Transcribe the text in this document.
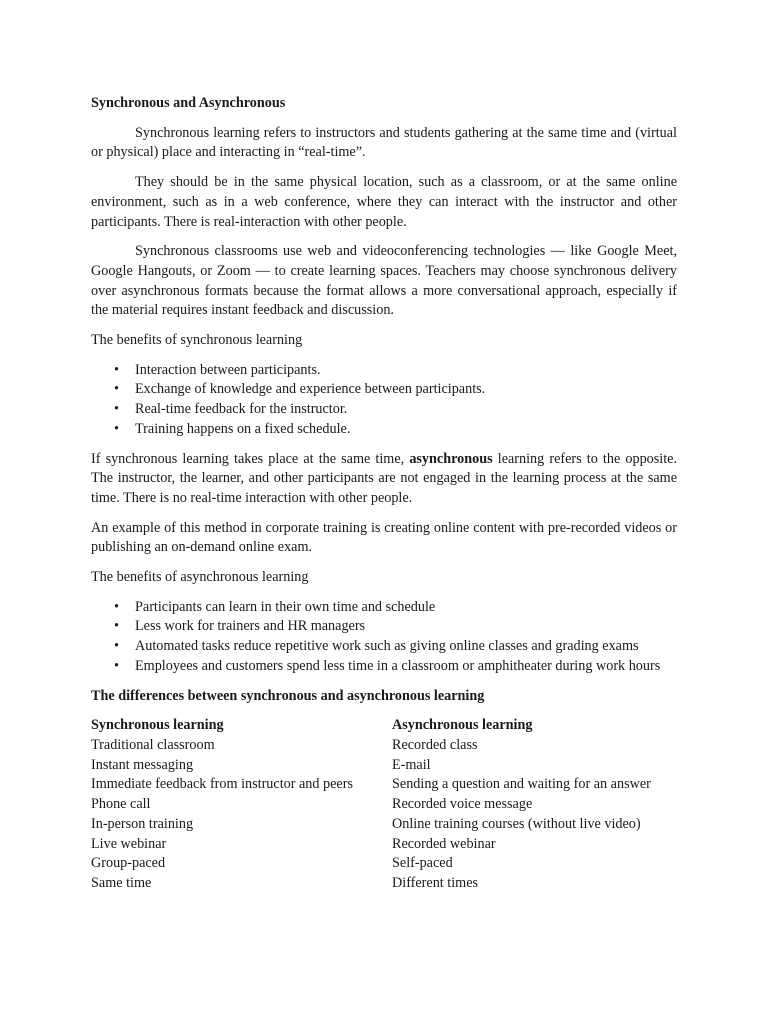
Synchronous and Asynchronous

Synchronous learning refers to instructors and students gathering at the same time and (virtual or physical) place and interacting in “real-time”.

They should be in the same physical location, such as a classroom, or at the same online environment, such as in a web conference, where they can interact with the instructor and other participants. There is real-interaction with other people.

Synchronous classrooms use web and videoconferencing technologies — like Google Meet, Google Hangouts, or Zoom — to create learning spaces. Teachers may choose synchronous delivery over asynchronous formats because the format allows a more conversational approach, especially if the material requires instant feedback and discussion.

The benefits of synchronous learning

• Interaction between participants.
• Exchange of knowledge and experience between participants.
• Real-time feedback for the instructor.
• Training happens on a fixed schedule.

If synchronous learning takes place at the same time, asynchronous learning refers to the opposite. The instructor, the learner, and other participants are not engaged in the learning process at the same time. There is no real-time interaction with other people.

An example of this method in corporate training is creating online content with pre-recorded videos or publishing an on-demand online exam.

The benefits of asynchronous learning

• Participants can learn in their own time and schedule
• Less work for trainers and HR managers
• Automated tasks reduce repetitive work such as giving online classes and grading exams
• Employees and customers spend less time in a classroom or amphitheater during work hours
The differences between synchronous and asynchronous learning
Synchronous learning	Asynchronous learning
Traditional classroom	Recorded class
Instant messaging	E-mail
Immediate feedback from instructor and peers	Sending a question and waiting for an answer
Phone call	Recorded voice message
In-person training	Online training courses (without live video)
Live webinar	Recorded webinar
Group-paced	Self-paced
Same time	Different times
